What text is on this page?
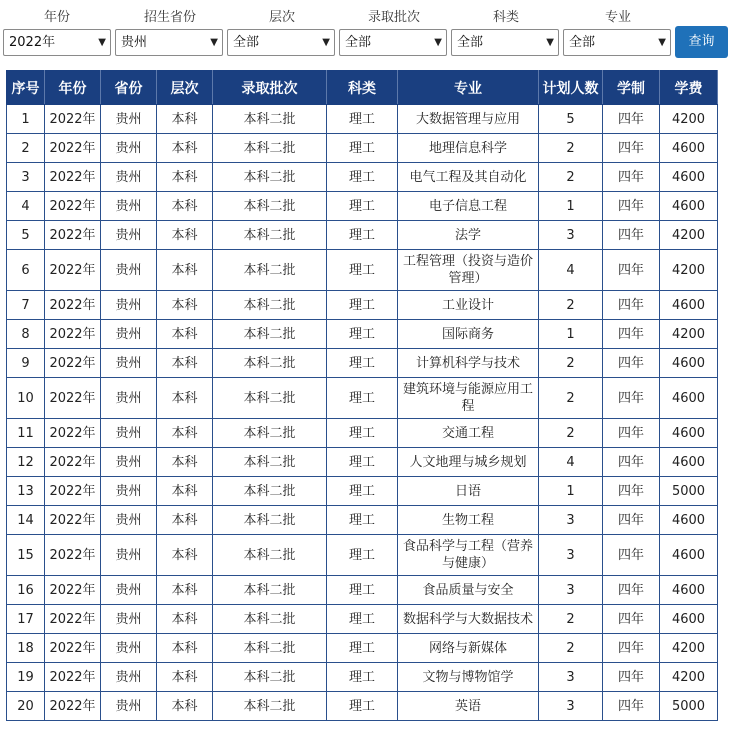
年份	招生省份	层次	录取批次	科类	专业
2022年	▼	贵州	▼	全部	▼	全部	▼	全部	▼	全部	▼	查询
序号	年份	省份	层次	录取批次	科类	专业	计划人数	学制	学费
1	2022年	贵州	本科	本科二批	理工	大数据管理与应用	5	四年	4200
2	2022年	贵州	本科	本科二批	理工	地理信息科学	2	四年	4600
3	2022年	贵州	本科	本科二批	理工	电气工程及其自动化	2	四年	4600
4	2022年	贵州	本科	本科二批	理工	电子信息工程	1	四年	4600
5	2022年	贵州	本科	本科二批	理工	法学	3	四年	4200
6	2022年	贵州	本科	本科二批	理工	工程管理（投资与造价管理）	4	四年	4200
7	2022年	贵州	本科	本科二批	理工	工业设计	2	四年	4600
8	2022年	贵州	本科	本科二批	理工	国际商务	1	四年	4200
9	2022年	贵州	本科	本科二批	理工	计算机科学与技术	2	四年	4600
10	2022年	贵州	本科	本科二批	理工	建筑环境与能源应用工程	2	四年	4600
11	2022年	贵州	本科	本科二批	理工	交通工程	2	四年	4600
12	2022年	贵州	本科	本科二批	理工	人文地理与城乡规划	4	四年	4600
13	2022年	贵州	本科	本科二批	理工	日语	1	四年	5000
14	2022年	贵州	本科	本科二批	理工	生物工程	3	四年	4600
15	2022年	贵州	本科	本科二批	理工	食品科学与工程（营养与健康）	3	四年	4600
16	2022年	贵州	本科	本科二批	理工	食品质量与安全	3	四年	4600
17	2022年	贵州	本科	本科二批	理工	数据科学与大数据技术	2	四年	4600
18	2022年	贵州	本科	本科二批	理工	网络与新媒体	2	四年	4200
19	2022年	贵州	本科	本科二批	理工	文物与博物馆学	3	四年	4200
20	2022年	贵州	本科	本科二批	理工	英语	3	四年	5000
